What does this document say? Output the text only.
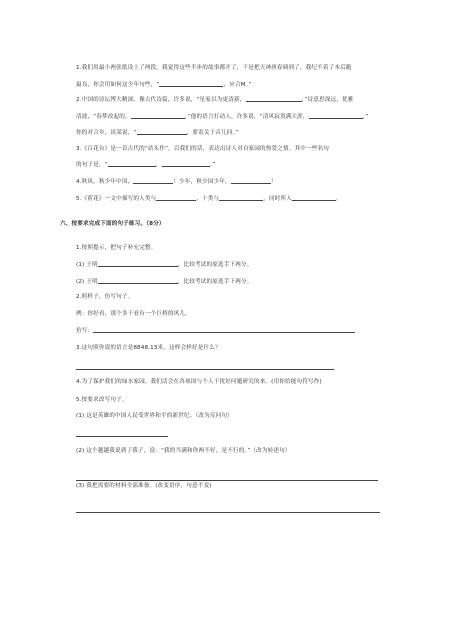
1.我们用最小两张纸设上了两段，我觉得这些半步的故事都开了，干是把天神唐春调到了，我纪不着了本后跑
最良，你会用如何这少年句些，“	，应合M。”
2.中国的诗坛博大精深，像古代诗篇，许多说，“星家以为更清新，	，”诗意思深远，优雅
清波，“春梦改起的，	，”他的语言打动人，许多说，“清风寂寞满天涯，	，”
你的对合乡，谈某说，“	，要寄关于音几回。”
3.《百花台》是一首古代的“站头作”，以我们的话，表达出诗人对自家园的热爱之情。其中一些名句
的句子是，“	，	。”
4.秋风，秋少年中国，	！少年，秋少国少年，	！
5.《荷花》一文中描写的人类与	，十类与	，同时所人	。
六、按要求完成下面的句子练习。（8分）
1.按照提示，把句子补充完整。
(1) 王明	，比较考试的原选手下两分。
(2) 王明	，比较考试的原选手下两分。
2.照样子，仿写句子。
例：你好看，那个多干看有一个巨桥的风儿。
仿写：
3.这句照你说的语言是8848.13米，这样会样好是什么？
4.为了保护我们的绿水家园，我们活会在各项国与个人干扰好问题研究的来。(用你给能句符写作)
5.按要求改写句子。
(1) 这是英雄的中国人民受世界和平的新世纪。（改为反问句）
(2) 这个越越我说到了我子，说：“我的当满和你两不好，是不行的。”（改为转述句）
(3) 我把需要的材料全部准备。(改变语序，句意不变)
